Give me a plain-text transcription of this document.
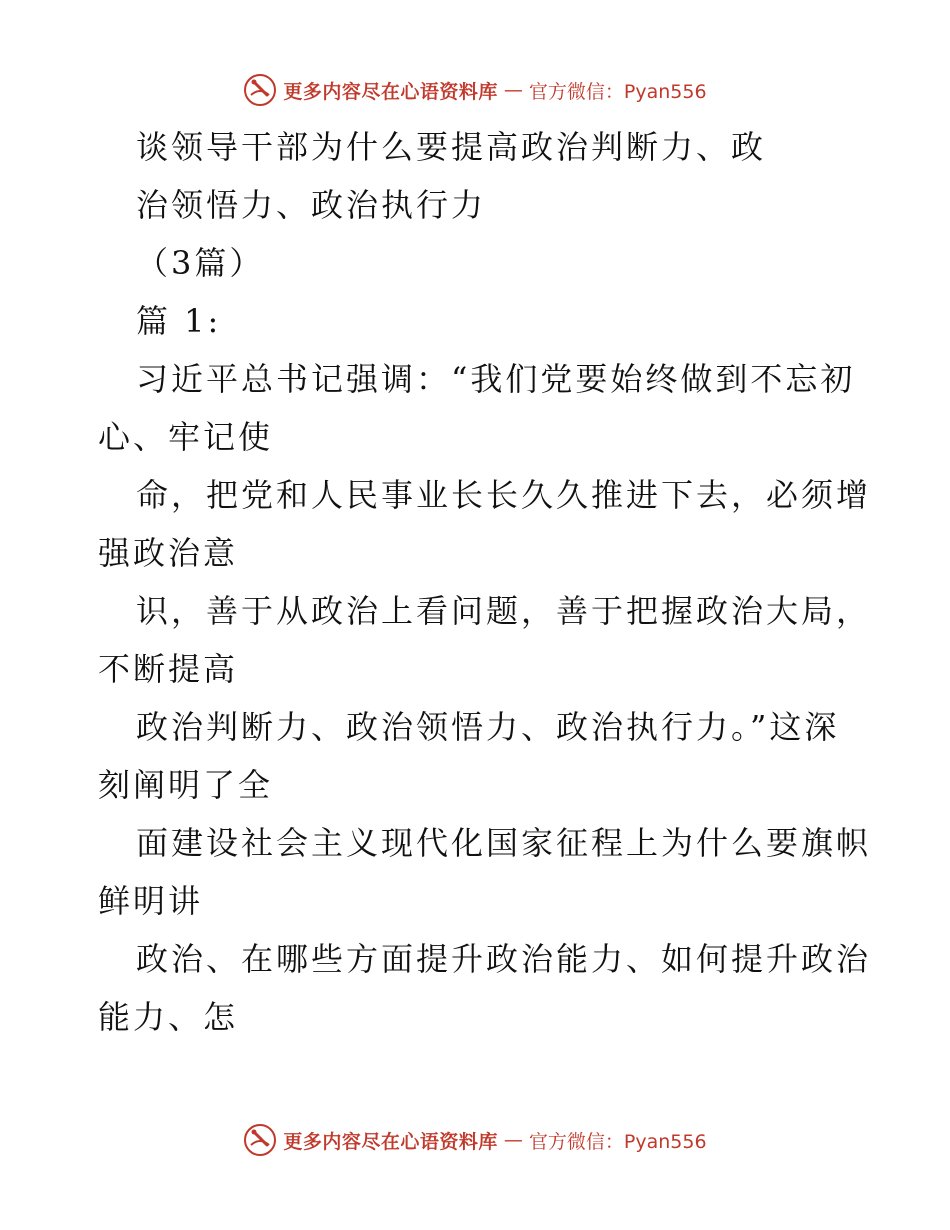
更多内容尽在心语资料库 — 官方微信：Pyan556
谈领导干部为什么要提高政治判断力、政
治领悟力、政治执行力
（3篇）
篇 1:
习近平总书记强调：“我们党要始终做到不忘初
心、牢记使
命，把党和人民事业长长久久推进下去，必须增
强政治意
识，善于从政治上看问题，善于把握政治大局，
不断提高
政治判断力、政治领悟力、政治执行力。”这深
刻阐明了全
面建设社会主义现代化国家征程上为什么要旗帜
鲜明讲
政治、在哪些方面提升政治能力、如何提升政治
能力、怎
更多内容尽在心语资料库 — 官方微信：Pyan556
